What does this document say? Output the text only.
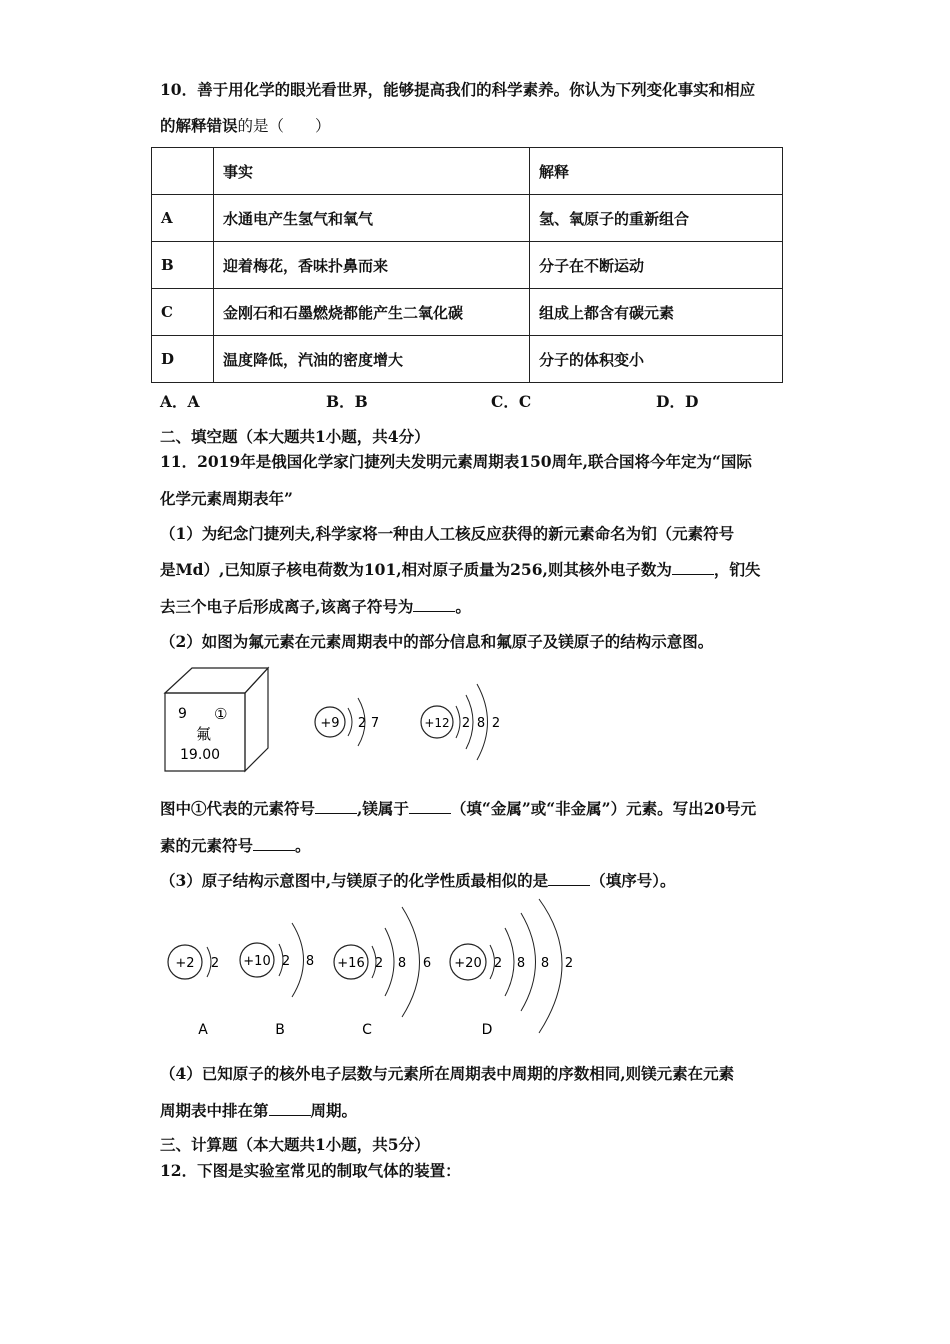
10．善于用化学的眼光看世界，能够提高我们的科学素养。你认为下列变化事实和相应
的解释错误的是（　　）
	事实	解释
A	水通电产生氢气和氧气	氢、氧原子的重新组合
B	迎着梅花，香味扑鼻而来	分子在不断运动
C	金刚石和石墨燃烧都能产生二氧化碳	组成上都含有碳元素
D	温度降低，汽油的密度增大	分子的体积变小
A．A	B．B	C．C	D．D
二、填空题（本大题共1小题，共4分）
11．2019年是俄国化学家门捷列夫发明元素周期表150周年,联合国将今年定为“国际
化学元素周期表年”
（1）为纪念门捷列夫,科学家将一种由人工核反应获得的新元素命名为钔（元素符号
是Md）,已知原子核电荷数为101,相对原子质量为256,则其核外电子数为	，钔失
去三个电子后形成离子,该离子符号为	。
（2）如图为氟元素在元素周期表中的部分信息和氟原子及镁原子的结构示意图。
9 ①
氟
19.00
+9 2 7	+12 2 8 2
图中①代表的元素符号	,镁属于	（填“金属”或“非金属”）元素。写出20号元
素的元素符号	。
（3）原子结构示意图中,与镁原子的化学性质最相似的是	（填序号）。
+2 2
A
+10 2 8
B
+16 2 8 6
C
+20 2 8 8 2
D
（4）已知原子的核外电子层数与元素所在周期表中周期的序数相同,则镁元素在元素
周期表中排在第	周期。
三、计算题（本大题共1小题，共5分）
12．下图是实验室常见的制取气体的装置：
